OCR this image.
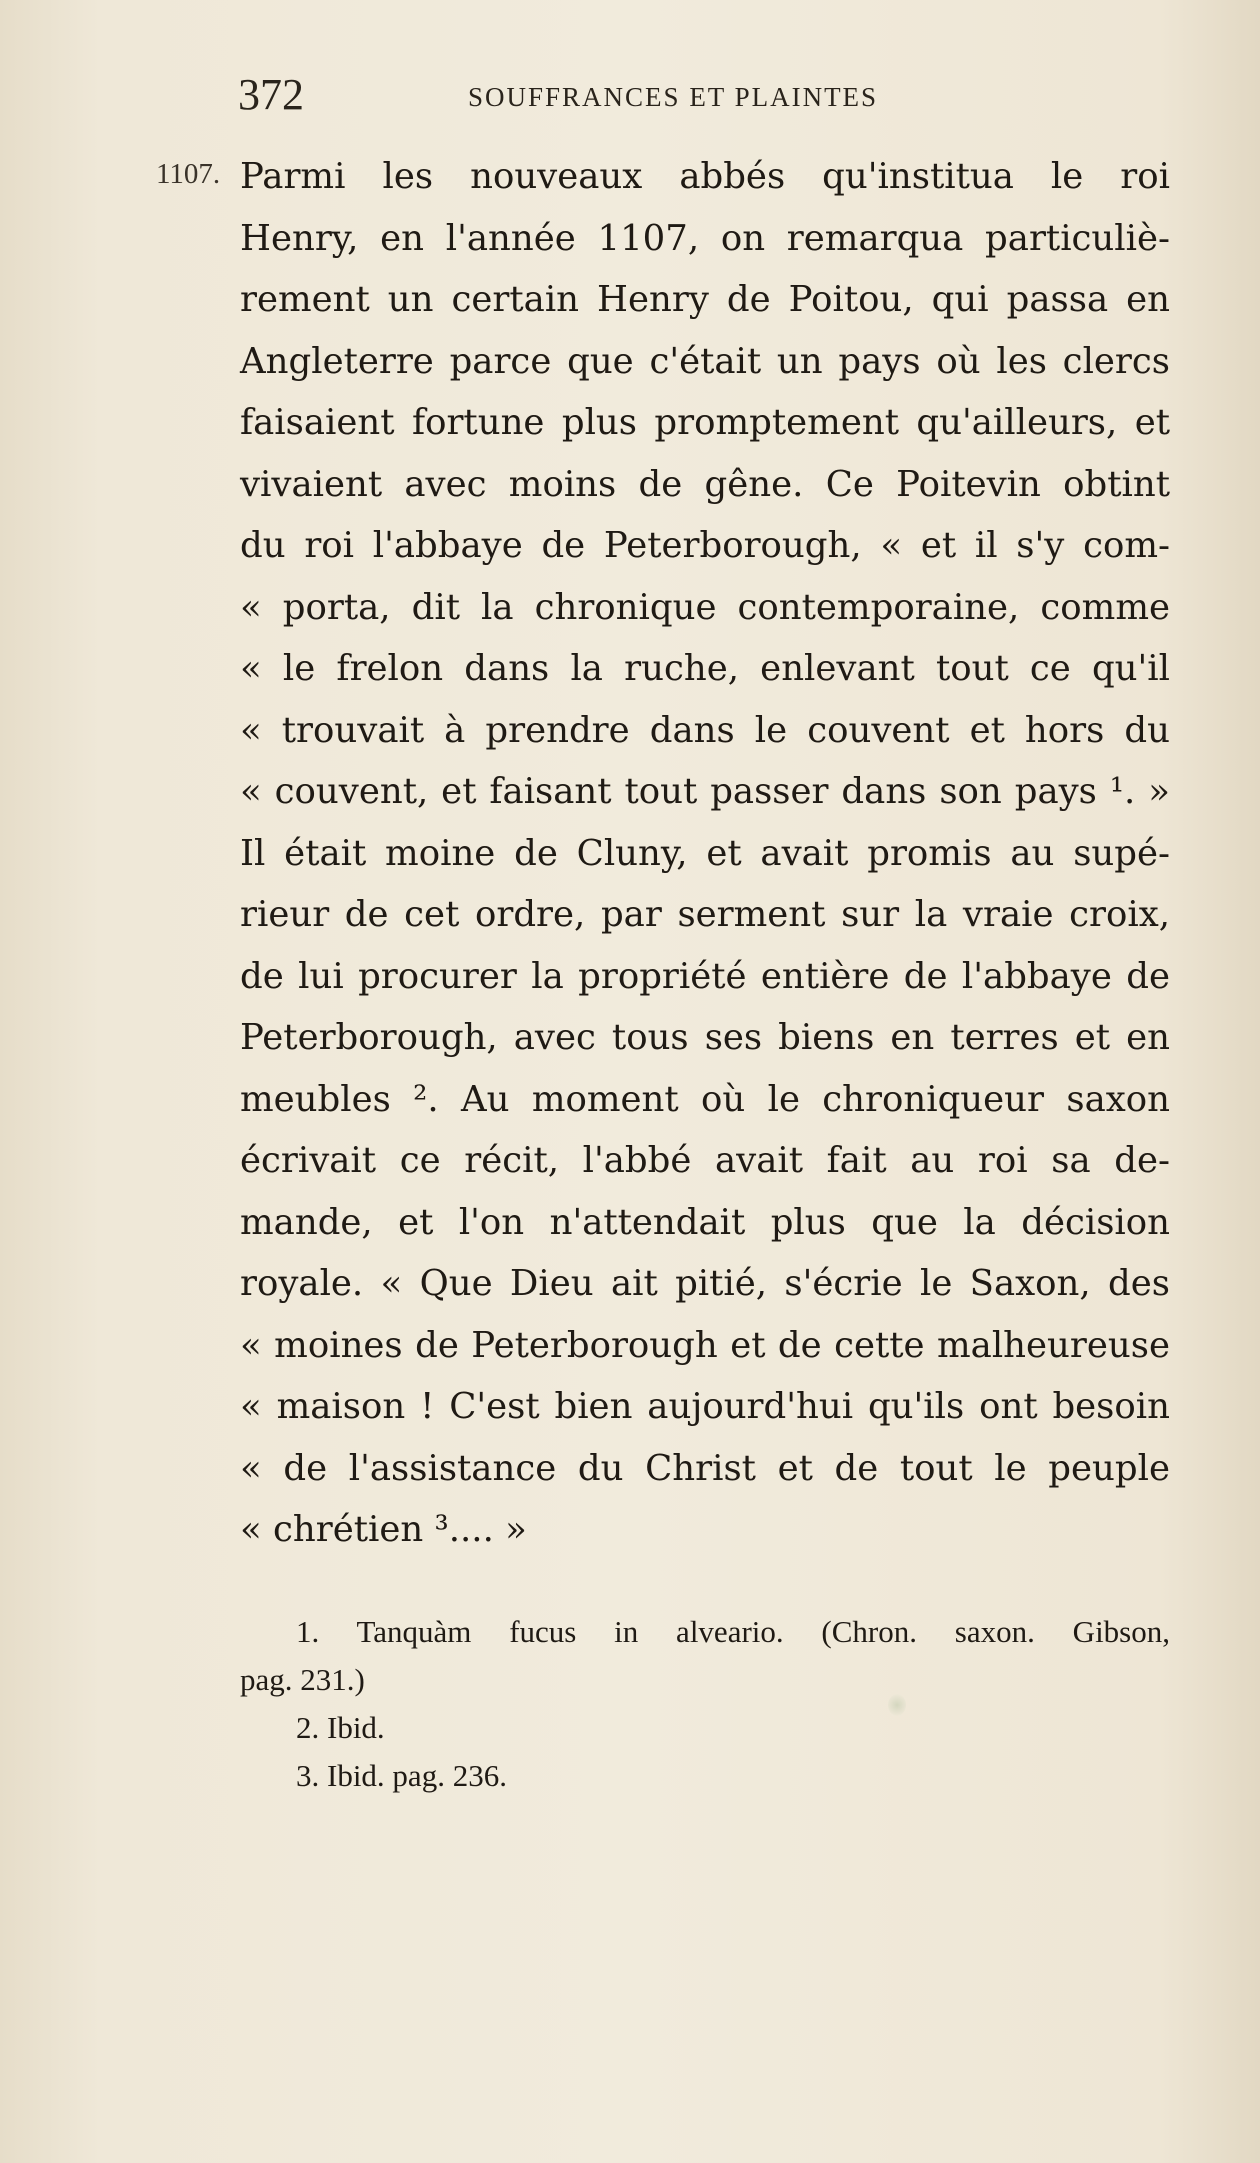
372	SOUFFRANCES ET PLAINTES
1107. Parmi les nouveaux abbés qu'institua le roi
Henry, en l'année 1107, on remarqua particuliè-
rement un certain Henry de Poitou, qui passa en
Angleterre parce que c'était un pays où les clercs
faisaient fortune plus promptement qu'ailleurs, et
vivaient avec moins de gêne. Ce Poitevin obtint
du roi l'abbaye de Peterborough, « et il s'y com-
« porta, dit la chronique contemporaine, comme
« le frelon dans la ruche, enlevant tout ce qu'il
« trouvait à prendre dans le couvent et hors du
« couvent, et faisant tout passer dans son pays ¹. »
Il était moine de Cluny, et avait promis au supé-
rieur de cet ordre, par serment sur la vraie croix,
de lui procurer la propriété entière de l'abbaye de
Peterborough, avec tous ses biens en terres et en
meubles ². Au moment où le chroniqueur saxon
écrivait ce récit, l'abbé avait fait au roi sa de-
mande, et l'on n'attendait plus que la décision
royale. « Que Dieu ait pitié, s'écrie le Saxon, des
« moines de Peterborough et de cette malheureuse
« maison ! C'est bien aujourd'hui qu'ils ont besoin
« de l'assistance du Christ et de tout le peuple
« chrétien ³.... »
1. Tanquàm fucus in alveario. (Chron. saxon. Gibson,
pag. 231.)
2. Ibid.
3. Ibid. pag. 236.
